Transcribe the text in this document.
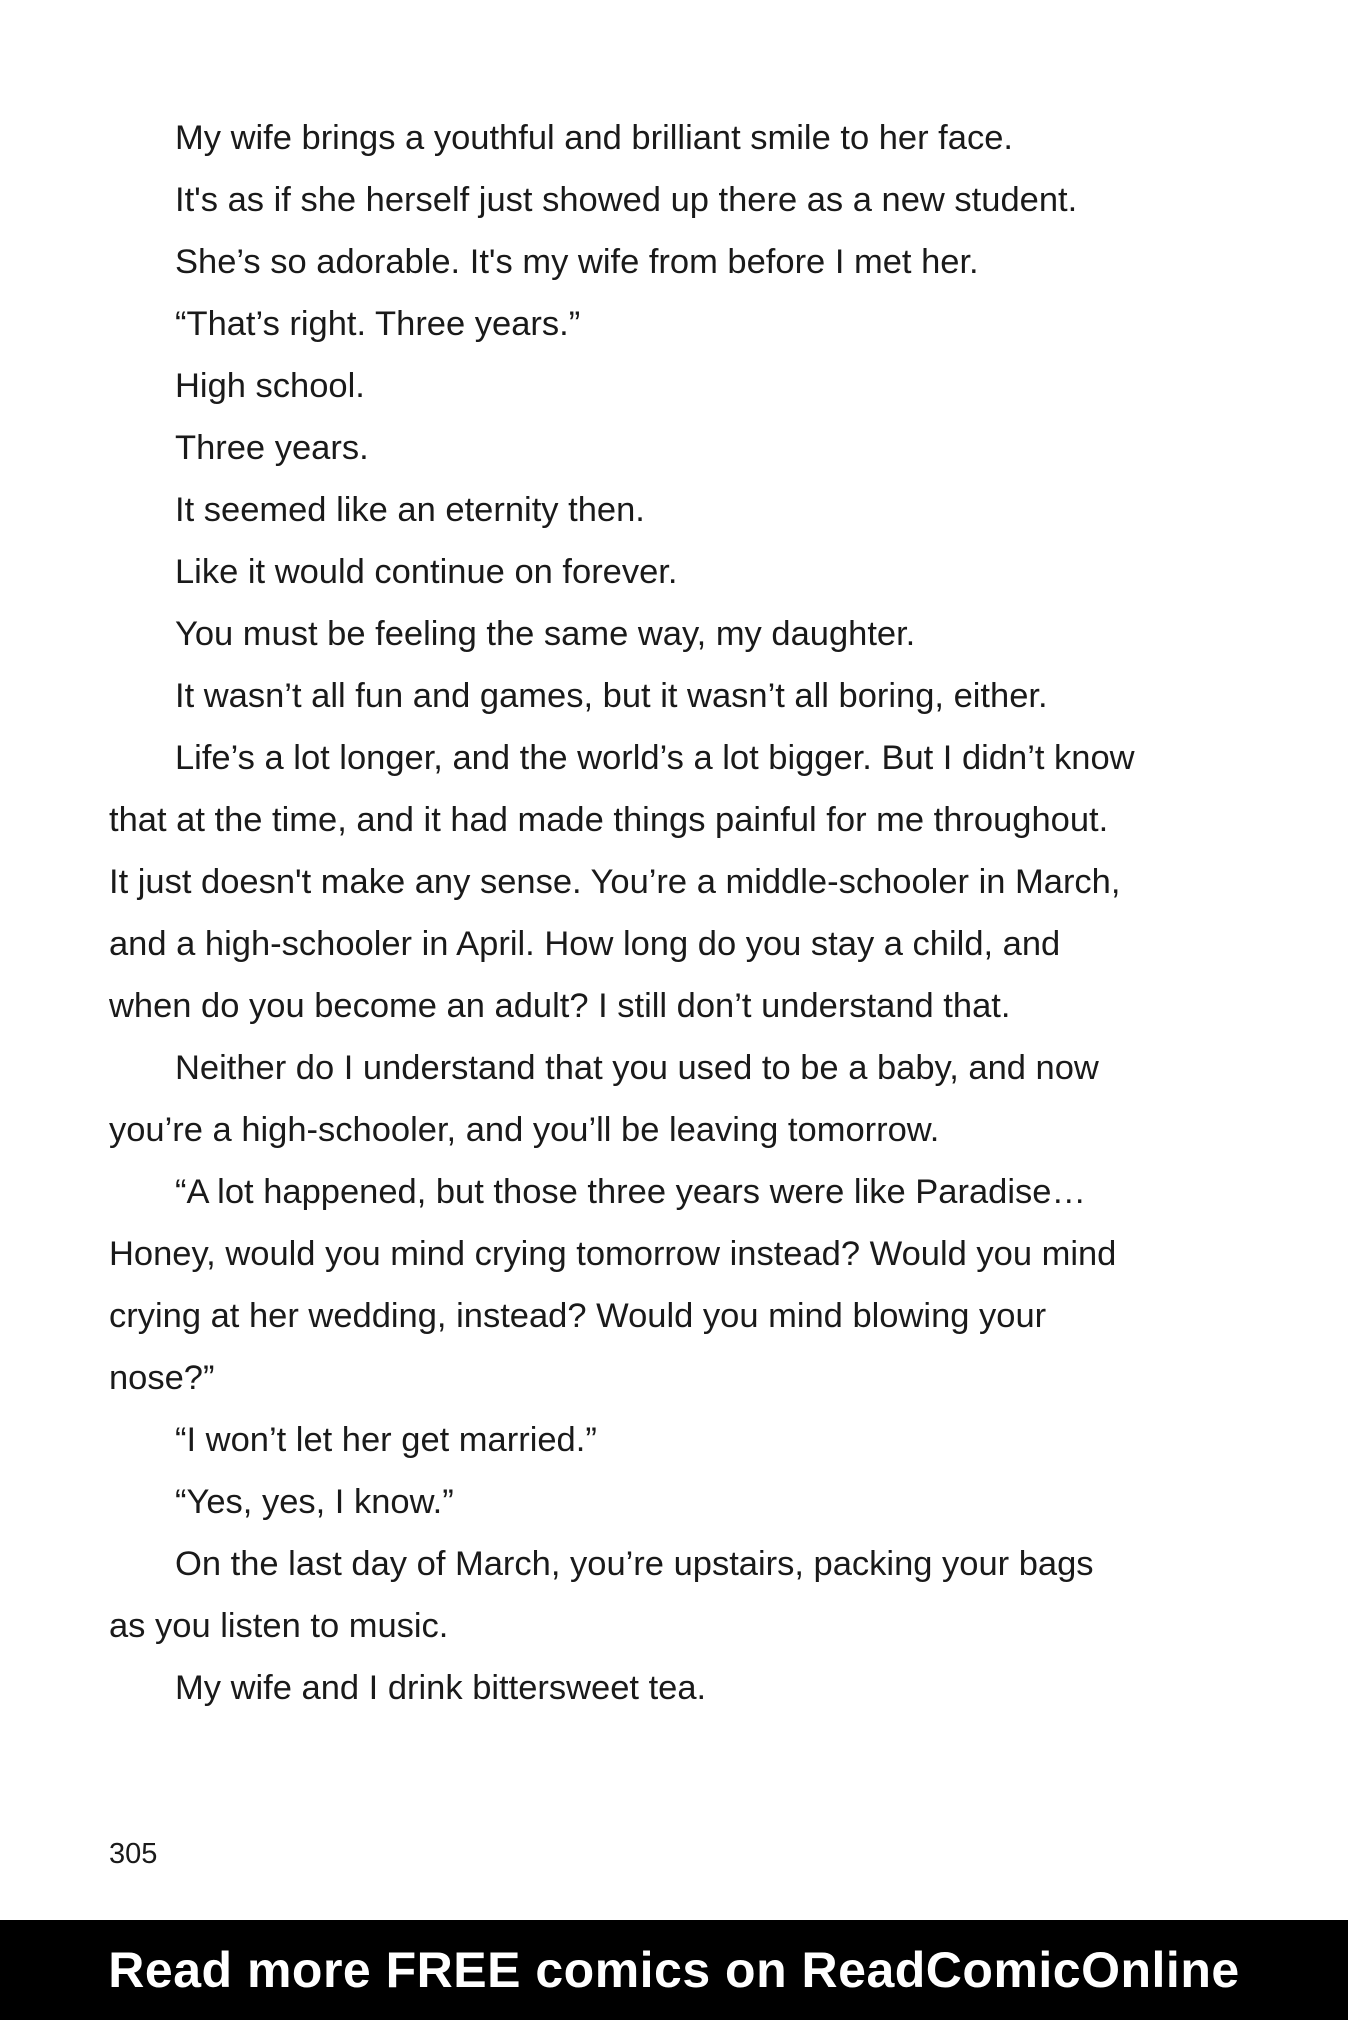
My wife brings a youthful and brilliant smile to her face.

It's as if she herself just showed up there as a new student.

She’s so adorable. It's my wife from before I met her.

“That’s right. Three years.”

High school.

Three years.

It seemed like an eternity then.

Like it would continue on forever.

You must be feeling the same way, my daughter.

It wasn’t all fun and games, but it wasn’t all boring, either.

Life’s a lot longer, and the world’s a lot bigger. But I didn’t know
that at the time, and it had made things painful for me throughout.
It just doesn't make any sense. You’re a middle-schooler in March,
and a high-schooler in April. How long do you stay a child, and
when do you become an adult? I still don’t understand that.

Neither do I understand that you used to be a baby, and now
you’re a high-schooler, and you’ll be leaving tomorrow.

“A lot happened, but those three years were like Paradise…
Honey, would you mind crying tomorrow instead? Would you mind
crying at her wedding, instead? Would you mind blowing your
nose?”

“I won’t let her get married.”

“Yes, yes, I know.”

On the last day of March, you’re upstairs, packing your bags
as you listen to music.

My wife and I drink bittersweet tea.

305
Read more FREE comics on ReadComicOnline
